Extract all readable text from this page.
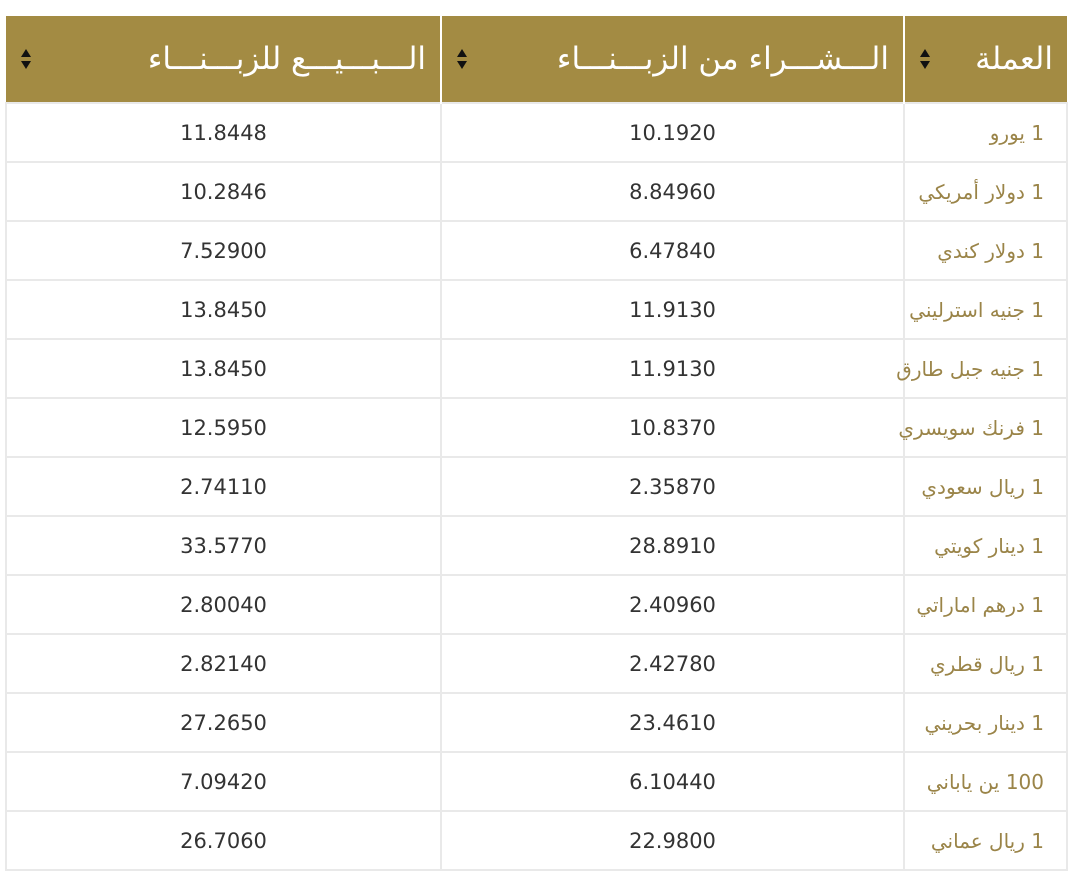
العملة	الـــشـــراء من الزبـــنـــاء	الـــبـــيـــع للزبـــنـــاء

1 يورو	10.1920	11.8448
1 دولار أمريكي	8.84960	10.2846
1 دولار كندي	6.47840	7.52900
1 جنيه استرليني	11.9130	13.8450
1 جنيه جبل طارق	11.9130	13.8450
1 فرنك سويسري	10.8370	12.5950
1 ريال سعودي	2.35870	2.74110
1 دينار كويتي	28.8910	33.5770
1 درهم اماراتي	2.40960	2.80040
1 ريال قطري	2.42780	2.82140
1 دينار بحريني	23.4610	27.2650
100 ين ياباني	6.10440	7.09420
1 ريال عماني	22.9800	26.7060
